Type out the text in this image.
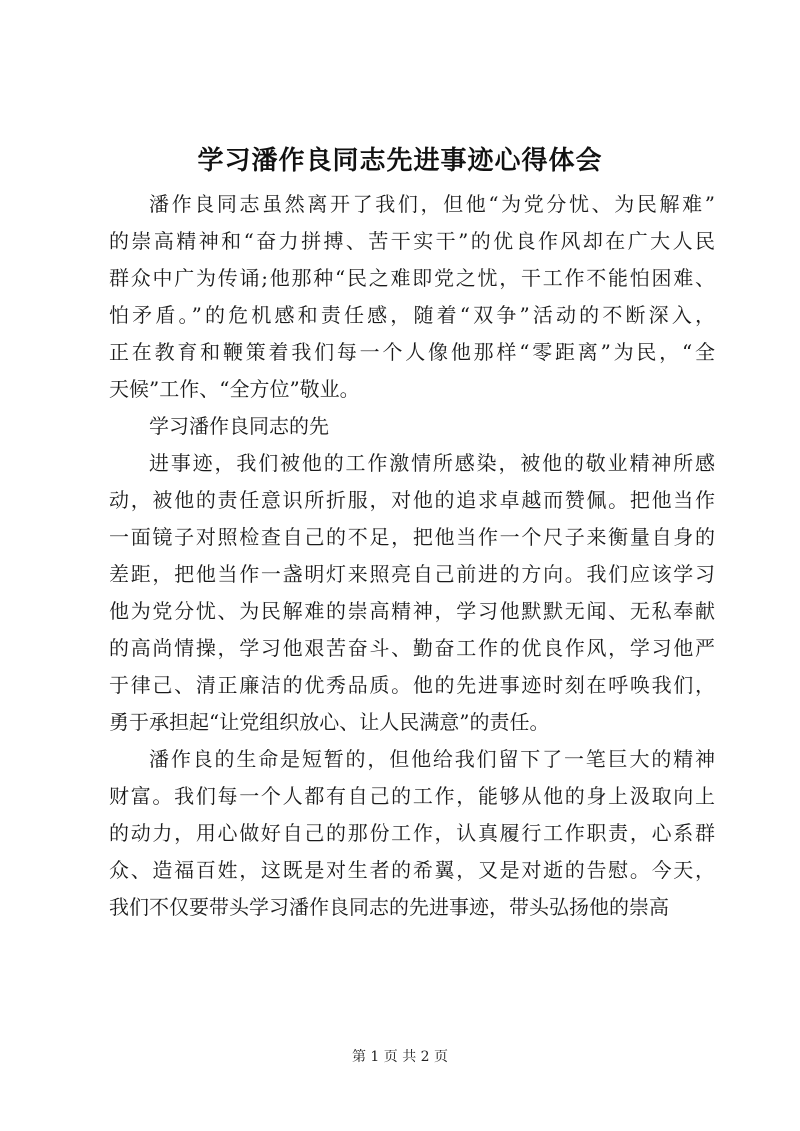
学习潘作良同志先进事迹心得体会
潘作良同志虽然离开了我们，但他“为党分忧、为民解难”
的崇高精神和“奋力拼搏、苦干实干”的优良作风却在广大人民
群众中广为传诵;他那种“民之难即党之忧，干工作不能怕困难、
怕矛盾。”的危机感和责任感，随着“双争”活动的不断深入，
正在教育和鞭策着我们每一个人像他那样“零距离”为民，“全
天候”工作、“全方位”敬业。
学习潘作良同志的先
进事迹，我们被他的工作激情所感染，被他的敬业精神所感
动，被他的责任意识所折服，对他的追求卓越而赞佩。把他当作
一面镜子对照检查自己的不足，把他当作一个尺子来衡量自身的
差距，把他当作一盏明灯来照亮自己前进的方向。我们应该学习
他为党分忧、为民解难的崇高精神，学习他默默无闻、无私奉献
的高尚情操，学习他艰苦奋斗、勤奋工作的优良作风，学习他严
于律己、清正廉洁的优秀品质。他的先进事迹时刻在呼唤我们，
勇于承担起“让党组织放心、让人民满意”的责任。
潘作良的生命是短暂的，但他给我们留下了一笔巨大的精神
财富。我们每一个人都有自己的工作，能够从他的身上汲取向上
的动力，用心做好自己的那份工作，认真履行工作职责，心系群
众、造福百姓，这既是对生者的希翼，又是对逝的告慰。今天，
我们不仅要带头学习潘作良同志的先进事迹，带头弘扬他的崇高
第 1 页 共 2 页
